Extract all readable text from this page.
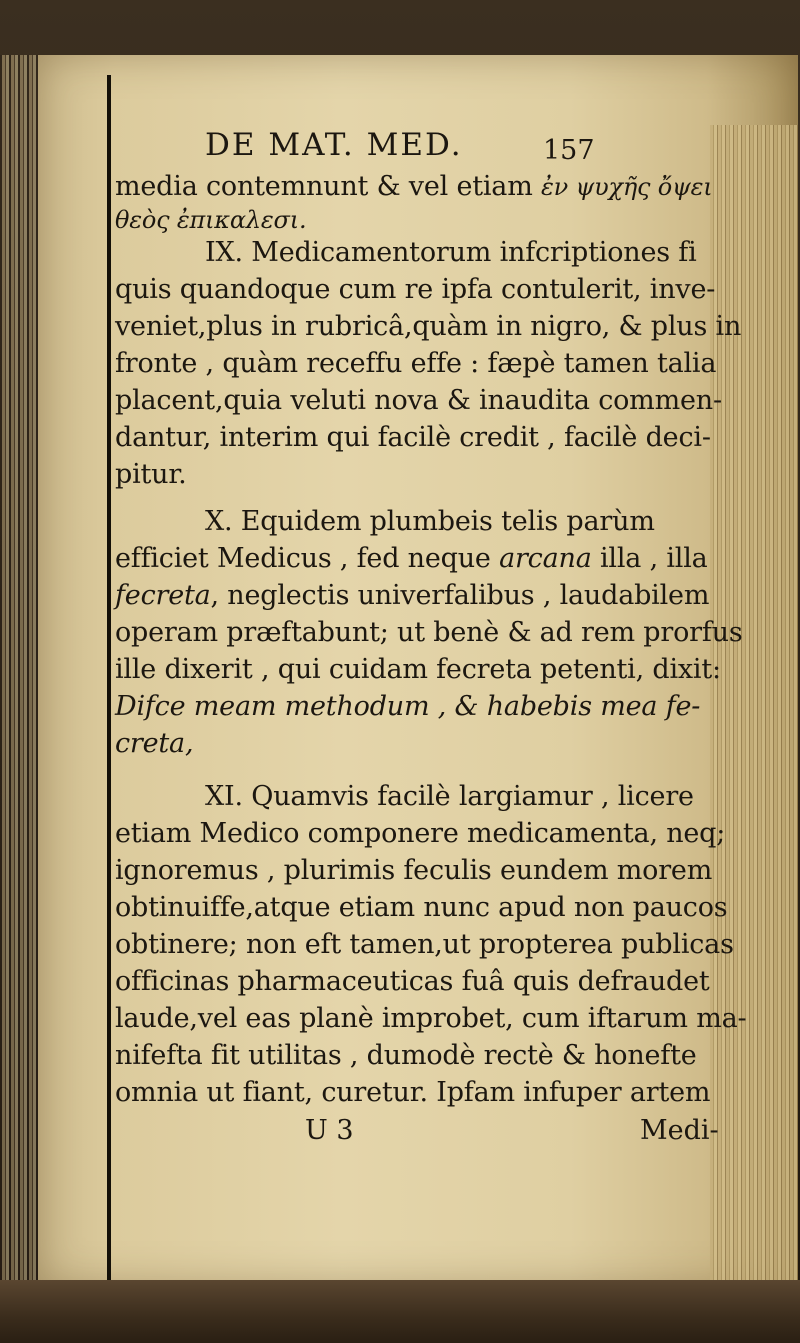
DE MAT. MED.	157
media contemnunt & vel etiam ἐν ψυχῆς ὄψει
θεὸς ἐπικαλεσι.
IX. Medicamentorum infcriptiones fi
quis quandoque cum re ipfa contulerit, inve-
veniet,plus in rubricâ,quàm in nigro, & plus in
fronte , quàm receffu effe : fæpè tamen talia
placent,quia veluti nova & inaudita commen-
dantur, interim qui facilè credit , facilè deci-
pitur.
X. Equidem plumbeis telis parùm
efficiet Medicus , fed neque arcana illa , illa
fecreta, neglectis univerfalibus , laudabilem
operam præftabunt; ut benè & ad rem prorfus
ille dixerit , qui cuidam fecreta petenti, dixit:
Difce meam methodum , & habebis mea fe-
creta,
XI. Quamvis facilè largiamur , licere
etiam Medico componere medicamenta, neq;
ignoremus , plurimis feculis eundem morem
obtinuiffe,atque etiam nunc apud non paucos
obtinere; non eft tamen,ut propterea publicas
officinas pharmaceuticas fuâ quis defraudet
laude,vel eas planè improbet, cum iftarum ma-
nifefta fit utilitas , dumodè rectè & honefte
omnia ut fiant, curetur. Ipfam infuper artem
U 3	Medi-
